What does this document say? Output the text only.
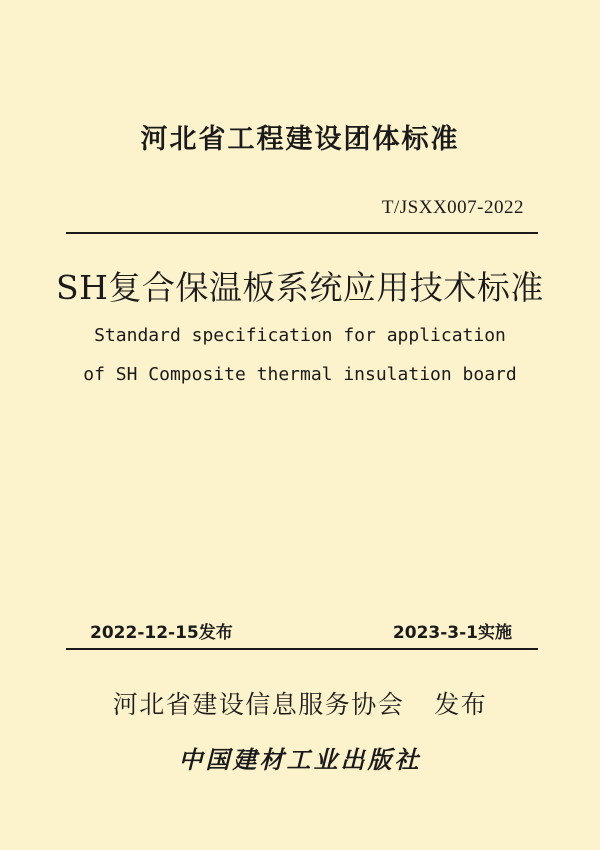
河北省工程建设团体标准
T/JSXX007-2022
SH复合保温板系统应用技术标准
Standard specification for application
of SH Composite thermal insulation board
2022-12-15发布	2023-3-1实施
河北省建设信息服务协会 发布
中国建材工业出版社
